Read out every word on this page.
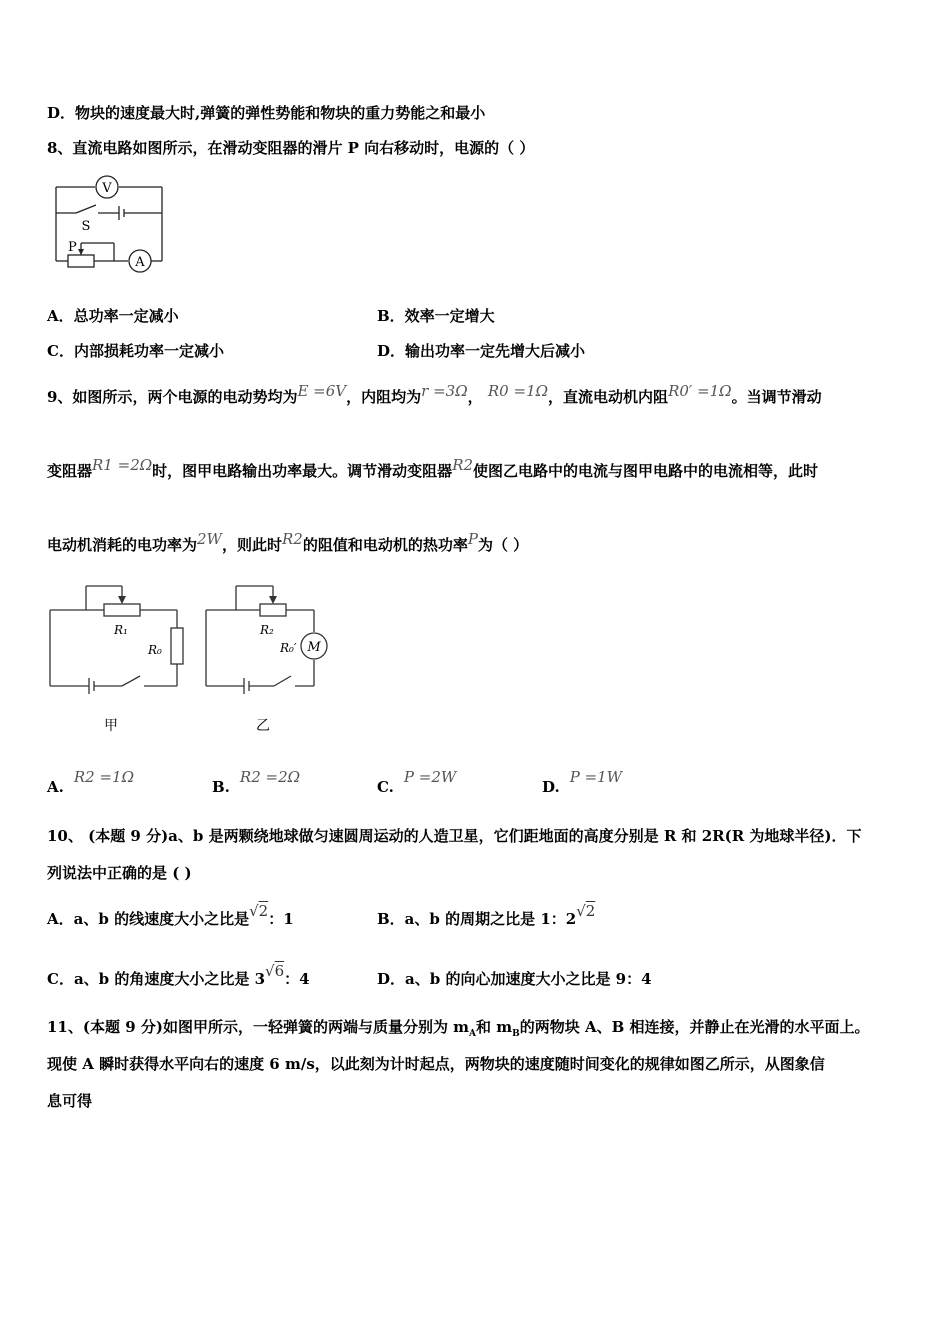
D．物块的速度最大时,弹簧的弹性势能和物块的重力势能之和最小
8、直流电路如图所示，在滑动变阻器的滑片 P 向右移动时，电源的（ ）
V
S
P
A
A．总功率一定减小	B．效率一定增大
C．内部损耗功率一定减小	D．输出功率一定先增大后减小
9、如图所示，两个电源的电动势均为E =6V，内阻均为r =3Ω， R0 =1Ω，直流电动机内阻R0′ =1Ω。当调节滑动
变阻器R1 =2Ω时，图甲电路输出功率最大。调节滑动变阻器R2使图乙电路中的电流与图甲电路中的电流相等，此时
电动机消耗的电功率为2W，则此时R2的阻值和电动机的热功率P为（ ）
R₁
R₀
甲
R₂
R₀′ M
乙
A.R2 =1Ω
B.R2 =2Ω
C.P =2W
D.P =1W
10、 (本题 9 分)a、b 是两颗绕地球做匀速圆周运动的人造卫星，它们距地面的高度分别是 R 和 2R(R 为地球半径)．下
列说法中正确的是 ( )
A．a、b 的线速度大小之比是√2：1	B．a、b 的周期之比是 1：2√2
C．a、b 的角速度大小之比是 3√6：4	D．a、b 的向心加速度大小之比是 9：4
11、(本题 9 分)如图甲所示，一轻弹簧的两端与质量分别为 $m_A$和 $m_B$的两物块 A、B 相连接，并静止在光滑的水平面上。
现使 A 瞬时获得水平向右的速度 6 m/s，以此刻为计时起点，两物块的速度随时间变化的规律如图乙所示，从图象信
息可得
